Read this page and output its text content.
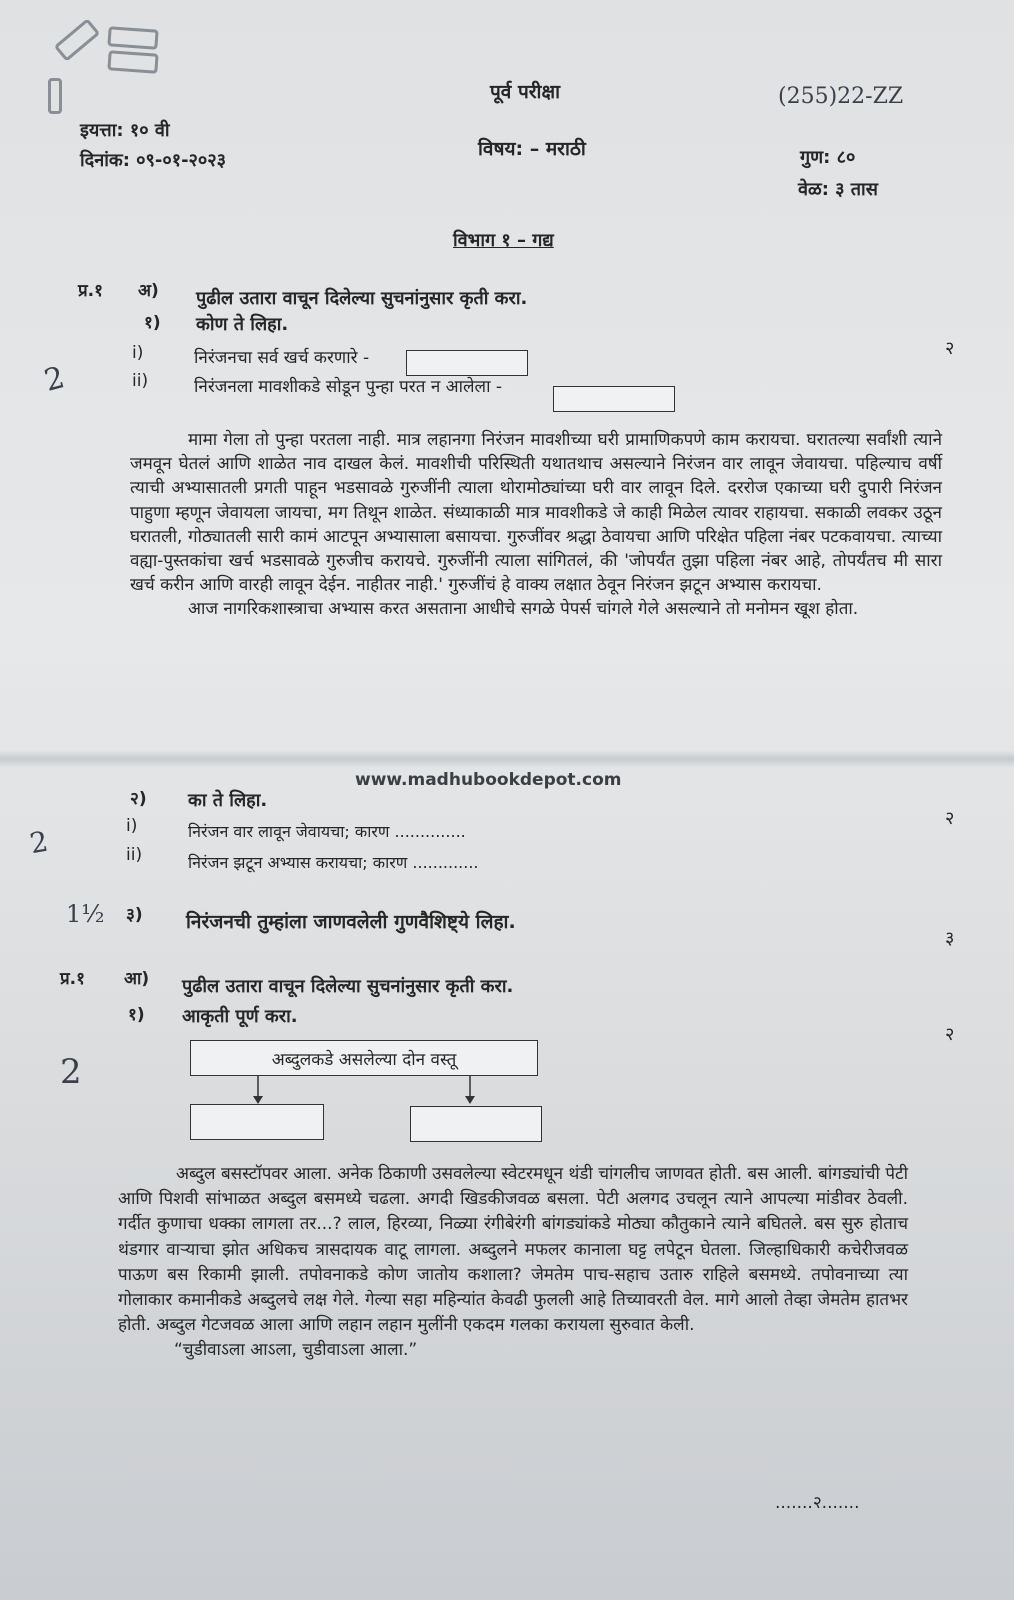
पूर्व परीक्षा	(255)22-ZZ
इयत्ता: १० वी
दिनांक: ०९-०१-२०२३
विषय: – मराठी	गुण: ८०
वेळ: ३ तास
विभाग १ – गद्य
प्र.१ अ) पुढील उतारा वाचून दिलेल्या सुचनांनुसार कृती करा.
१) कोण ते लिहा.
२
i)	निरंजनचा सर्व खर्च करणारे -
ii)	निरंजनला मावशीकडे सोडून पुन्हा परत न आलेला -
2

मामा गेला तो पुन्हा परतला नाही. मात्र लहानगा निरंजन मावशीच्या घरी प्रामाणिकपणे काम करायचा. घरातल्या सर्वांशी त्याने जमवून घेतलं आणि शाळेत नाव दाखल केलं. मावशीची परिस्थिती यथातथाच असल्याने निरंजन वार लावून जेवायचा. पहिल्याच वर्षी त्याची अभ्यासातली प्रगती पाहून भडसावळे गुरुजींनी त्याला थोरामोठ्यांच्या घरी वार लावून दिले. दररोज एकाच्या घरी दुपारी निरंजन पाहुणा म्हणून जेवायला जायचा, मग तिथून शाळेत. संध्याकाळी मात्र मावशीकडे जे काही मिळेल त्यावर राहायचा. सकाळी लवकर उठून घरातली, गोठ्यातली सारी कामं आटपून अभ्यासाला बसायचा. गुरुजींवर श्रद्धा ठेवायचा आणि परिक्षेत पहिला नंबर पटकवायचा. त्याच्या वह्या-पुस्तकांचा खर्च भडसावळे गुरुजीच करायचे. गुरुजींनी त्याला सांगितलं, की 'जोपर्यंत तुझा पहिला नंबर आहे, तोपर्यंतच मी सारा खर्च करीन आणि वारही लावून देईन. नाहीतर नाही.' गुरुजींचं हे वाक्य लक्षात ठेवून निरंजन झटून अभ्यास करायचा.

आज नागरिकशास्त्राचा अभ्यास करत असताना आधीचे सगळे पेपर्स चांगले गेले असल्याने तो मनोमन खूश होता.

www.madhubookdepot.com
२) का ते लिहा.
२
i)	निरंजन वार लावून जेवायचा; कारण ..............
ii)	निरंजन झटून अभ्यास करायचा; कारण .............
2
1½ ३) निरंजनची तुम्हांला जाणवलेली गुणवैशिष्ट्ये लिहा.
३
प्र.१ आ) पुढील उतारा वाचून दिलेल्या सुचनांनुसार कृती करा.
१) आकृती पूर्ण करा.
२
2	अब्दुलकडे असलेल्या दोन वस्तू

अब्दुल बसस्टॉपवर आला. अनेक ठिकाणी उसवलेल्या स्वेटरमधून थंडी चांगलीच जाणवत होती. बस आली. बांगड्यांची पेटी आणि पिशवी सांभाळत अब्दुल बसमध्ये चढला. अगदी खिडकीजवळ बसला. पेटी अलगद उचलून त्याने आपल्या मांडीवर ठेवली. गर्दीत कुणाचा धक्का लागला तर...? लाल, हिरव्या, निळ्या रंगीबेरंगी बांगड्यांकडे मोठ्या कौतुकाने त्याने बघितले. बस सुरु होताच थंडगार वाऱ्याचा झोत अधिकच त्रासदायक वाटू लागला. अब्दुलने मफलर कानाला घट्ट लपेटून घेतला. जिल्हाधिकारी कचेरीजवळ पाऊण बस रिकामी झाली. तपोवनाकडे कोण जातोय कशाला? जेमतेम पाच-सहाच उतारु राहिले बसमध्ये. तपोवनाच्या त्या गोलाकार कमानीकडे अब्दुलचे लक्ष गेले. गेल्या सहा महिन्यांत केवढी फुलली आहे तिच्यावरती वेल. मागे आलो तेव्हा जेमतेम हातभर होती. अब्दुल गेटजवळ आला आणि लहान लहान मुलींनी एकदम गलका करायला सुरुवात केली.

“चुडीवाऽला आऽला, चुडीवाऽला आला.”

.......२.......
